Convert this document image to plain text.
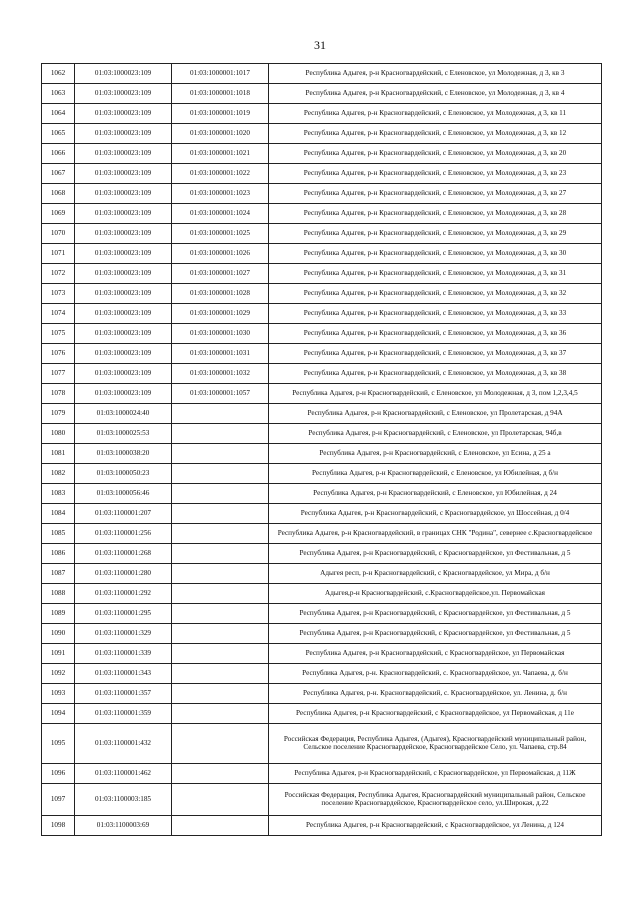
31
1062	01:03:1000023:109	01:03:1000001:1017	Республика Адыгея, р-н Красногвардейский, с Еленовское, ул Молодежная, д 3, кв 3
1063	01:03:1000023:109	01:03:1000001:1018	Республика Адыгея, р-н Красногвардейский, с Еленовское, ул Молодежная, д 3, кв 4
1064	01:03:1000023:109	01:03:1000001:1019	Республика Адыгея, р-н Красногвардейский, с Еленовское, ул Молодежная, д 3, кв 11
1065	01:03:1000023:109	01:03:1000001:1020	Республика Адыгея, р-н Красногвардейский, с Еленовское, ул Молодежная, д 3, кв 12
1066	01:03:1000023:109	01:03:1000001:1021	Республика Адыгея, р-н Красногвардейский, с Еленовское, ул Молодежная, д 3, кв 20
1067	01:03:1000023:109	01:03:1000001:1022	Республика Адыгея, р-н Красногвардейский, с Еленовское, ул Молодежная, д 3, кв 23
1068	01:03:1000023:109	01:03:1000001:1023	Республика Адыгея, р-н Красногвардейский, с Еленовское, ул Молодежная, д 3, кв 27
1069	01:03:1000023:109	01:03:1000001:1024	Республика Адыгея, р-н Красногвардейский, с Еленовское, ул Молодежная, д 3, кв 28
1070	01:03:1000023:109	01:03:1000001:1025	Республика Адыгея, р-н Красногвардейский, с Еленовское, ул Молодежная, д 3, кв 29
1071	01:03:1000023:109	01:03:1000001:1026	Республика Адыгея, р-н Красногвардейский, с Еленовское, ул Молодежная, д 3, кв 30
1072	01:03:1000023:109	01:03:1000001:1027	Республика Адыгея, р-н Красногвардейский, с Еленовское, ул Молодежная, д 3, кв 31
1073	01:03:1000023:109	01:03:1000001:1028	Республика Адыгея, р-н Красногвардейский, с Еленовское, ул Молодежная, д 3, кв 32
1074	01:03:1000023:109	01:03:1000001:1029	Республика Адыгея, р-н Красногвардейский, с Еленовское, ул Молодежная, д 3, кв 33
1075	01:03:1000023:109	01:03:1000001:1030	Республика Адыгея, р-н Красногвардейский, с Еленовское, ул Молодежная, д 3, кв 36
1076	01:03:1000023:109	01:03:1000001:1031	Республика Адыгея, р-н Красногвардейский, с Еленовское, ул Молодежная, д 3, кв 37
1077	01:03:1000023:109	01:03:1000001:1032	Республика Адыгея, р-н Красногвардейский, с Еленовское, ул Молодежная, д 3, кв 38
1078	01:03:1000023:109	01:03:1000001:1057	Республика Адыгея, р-н Красногвардейский, с Еленовское, ул Молодежная, д 3, пом 1,2,3,4,5
1079	01:03:1000024:40		Республика Адыгея, р-н Красногвардейский, с Еленовское, ул Пролетарская, д 94А
1080	01:03:1000025:53		Республика Адыгея, р-н Красногвардейский, с Еленовское, ул Пролетарская, 94б,в
1081	01:03:1000038:20		Республика Адыгея, р-н Красногвардейский, с Еленовское, ул Есина, д 25 а
1082	01:03:1000050:23		Республика Адыгея, р-н Красногвардейский, с Еленовское, ул Юбилейная, д б/н
1083	01:03:1000056:46		Республика Адыгея, р-н Красногвардейский, с Еленовское, ул Юбилейная, д 24
1084	01:03:1100001:207		Республика Адыгея, р-н Красногвардейский, с Красногвардейское, ул Шоссейная, д 0/4
1085	01:03:1100001:256		Республика Адыгея, р-н Красногвардейский, в границах СНК "Родина", севернее с.Красногвардейское
1086	01:03:1100001:268		Республика Адыгея, р-н Красногвардейский, с Красногвардейское, ул Фестивальная, д 5
1087	01:03:1100001:280		Адыгея респ, р-н Красногвардейский, с Красногвардейское, ул Мира, д б/н
1088	01:03:1100001:292		Адыгея,р-н Красногвардейский, с.Красногвардейское,ул. Первомайская
1089	01:03:1100001:295		Республика Адыгея, р-н Красногвардейский, с Красногвардейское, ул Фестивальная, д 5
1090	01:03:1100001:329		Республика Адыгея, р-н Красногвардейский, с Красногвардейское, ул Фестивальная, д 5
1091	01:03:1100001:339		Республика Адыгея, р-н Красногвардейский, с Красногвардейское, ул Первомайская
1092	01:03:1100001:343		Республика Адыгея, р-н. Красногвардейский, с. Красногвардейское, ул. Чапаева, д. б/н
1093	01:03:1100001:357		Республика Адыгея, р-н. Красногвардейский, с. Красногвардейское, ул. Ленина, д. б/н
1094	01:03:1100001:359		Республика Адыгея, р-н Красногвардейский, с Красногвардейское, ул Первомайская, д 11е
1095	01:03:1100001:432		Российская Федерация, Республика Адыгея, (Адыгея), Красногвардейский муниципальный район, Сельское поселение Красногвардейское, Красногвардейское Село, ул. Чапаева, стр.84
1096	01:03:1100001:462		Республика Адыгея, р-н Красногвардейский, с Красногвардейское, ул Первомайская, д 11Ж
1097	01:03:1100003:185		Российская Федерация, Республика Адыгея, Красногвардейский муниципальный район, Сельское поселение Красногвардейское, Красногвардейское село, ул.Широкая, д.22
1098	01:03:1100003:69		Республика Адыгея, р-н Красногвардейский, с Красногвардейское, ул Ленина, д 124
